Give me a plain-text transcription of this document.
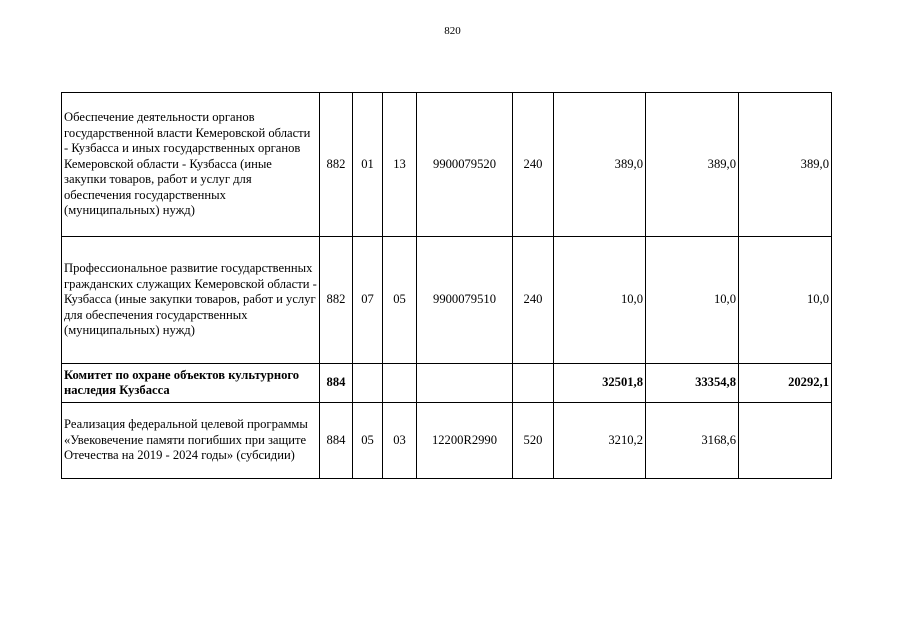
820
Обеспечение деятельности органов государственной власти Кемеровской области - Кузбасса и иных государственных органов Кемеровской области - Кузбасса (иные закупки товаров, работ и услуг для обеспечения государственных (муниципальных) нужд)	882	01	13	9900079520	240	389,0	389,0	389,0
Профессиональное развитие государственных гражданских служащих Кемеровской области - Кузбасса (иные закупки товаров, работ и услуг для обеспечения государственных (муниципальных) нужд)	882	07	05	9900079510	240	10,0	10,0	10,0
Комитет по охране объектов культурного наследия Кузбасса	884					32501,8	33354,8	20292,1
Реализация федеральной целевой программы «Увековечение памяти погибших при защите Отечества на 2019 - 2024 годы» (субсидии)	884	05	03	12200R2990	520	3210,2	3168,6	
